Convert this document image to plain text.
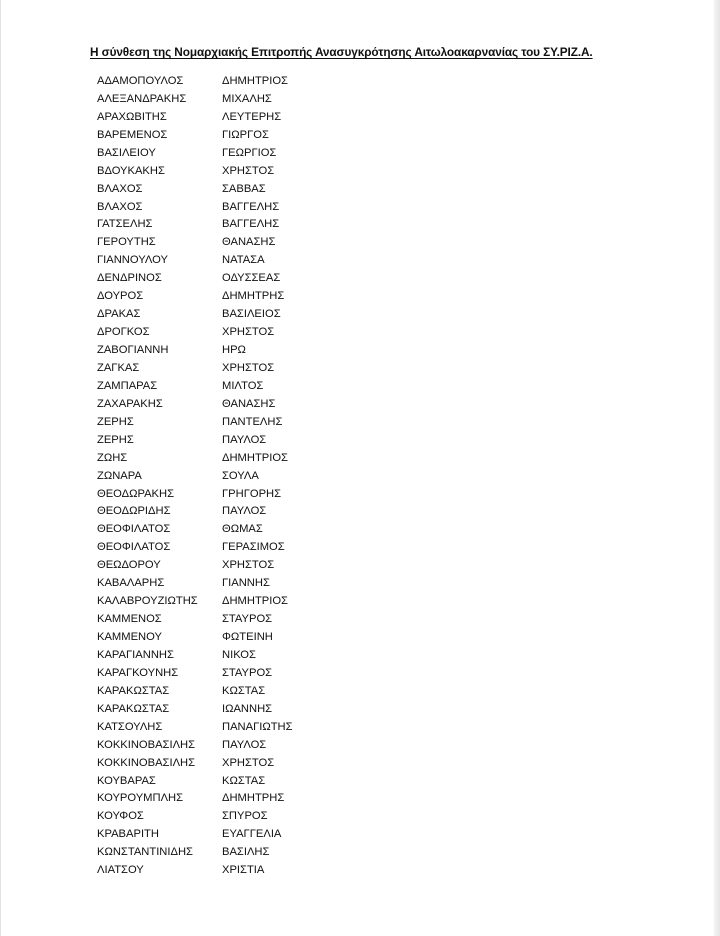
Η σύνθεση της Νομαρχιακής Επιτροπής Ανασυγκρότησης Αιτωλοακαρνανίας του ΣΥ.ΡΙΖ.Α.
ΑΔΑΜΟΠΟΥΛΟΣ	ΔΗΜΗΤΡΙΟΣ
ΑΛΕΞΑΝΔΡΑΚΗΣ	ΜΙΧΑΛΗΣ
ΑΡΑΧΩΒΙΤΗΣ	ΛΕΥΤΕΡΗΣ
ΒΑΡΕΜΕΝΟΣ	ΓΙΩΡΓΟΣ
ΒΑΣΙΛΕΙΟΥ	ΓΕΩΡΓΙΟΣ
ΒΔΟΥΚΑΚΗΣ	ΧΡΗΣΤΟΣ
ΒΛΑΧΟΣ	ΣΑΒΒΑΣ
ΒΛΑΧΟΣ	ΒΑΓΓΕΛΗΣ
ΓΑΤΣΕΛΗΣ	ΒΑΓΓΕΛΗΣ
ΓΕΡΟΥΤΗΣ	ΘΑΝΑΣΗΣ
ΓΙΑΝΝΟΥΛΟΥ	ΝΑΤΑΣΑ
ΔΕΝΔΡΙΝΟΣ	ΟΔΥΣΣΕΑΣ
ΔΟΥΡΟΣ	ΔΗΜΗΤΡΗΣ
ΔΡΑΚΑΣ	ΒΑΣΙΛΕΙΟΣ
ΔΡΟΓΚΟΣ	ΧΡΗΣΤΟΣ
ΖΑΒΟΓΙΑΝΝΗ	ΗΡΩ
ΖΑΓΚΑΣ	ΧΡΗΣΤΟΣ
ΖΑΜΠΑΡΑΣ	ΜΙΛΤΟΣ
ΖΑΧΑΡΑΚΗΣ	ΘΑΝΑΣΗΣ
ΖΕΡΗΣ	ΠΑΝΤΕΛΗΣ
ΖΕΡΗΣ	ΠΑΥΛΟΣ
ΖΩΗΣ	ΔΗΜΗΤΡΙΟΣ
ΖΩΝΑΡΑ	ΣΟΥΛΑ
ΘΕΟΔΩΡΑΚΗΣ	ΓΡΗΓΟΡΗΣ
ΘΕΟΔΩΡΙΔΗΣ	ΠΑΥΛΟΣ
ΘΕΟΦΙΛΑΤΟΣ	ΘΩΜΑΣ
ΘΕΟΦΙΛΑΤΟΣ	ΓΕΡΑΣΙΜΟΣ
ΘΕΩΔΟΡΟΥ	ΧΡΗΣΤΟΣ
ΚΑΒΑΛΑΡΗΣ	ΓΙΑΝΝΗΣ
ΚΑΛΑΒΡΟΥΖΙΩΤΗΣ	ΔΗΜΗΤΡΙΟΣ
ΚΑΜΜΕΝΟΣ	ΣΤΑΥΡΟΣ
ΚΑΜΜΕΝΟΥ	ΦΩΤΕΙΝΗ
ΚΑΡΑΓΙΑΝΝΗΣ	ΝΙΚΟΣ
ΚΑΡΑΓΚΟΥΝΗΣ	ΣΤΑΥΡΟΣ
ΚΑΡΑΚΩΣΤΑΣ	ΚΩΣΤΑΣ
ΚΑΡΑΚΩΣΤΑΣ	ΙΩΑΝΝΗΣ
ΚΑΤΣΟΥΛΗΣ	ΠΑΝΑΓΙΩΤΗΣ
ΚΟΚΚΙΝΟΒΑΣΙΛΗΣ	ΠΑΥΛΟΣ
ΚΟΚΚΙΝΟΒΑΣΙΛΗΣ	ΧΡΗΣΤΟΣ
ΚΟΥΒΑΡΑΣ	ΚΩΣΤΑΣ
ΚΟΥΡΟΥΜΠΛΗΣ	ΔΗΜΗΤΡΗΣ
ΚΟΥΦΟΣ	ΣΠΥΡΟΣ
ΚΡΑΒΑΡΙΤΗ	ΕΥΑΓΓΕΛΙΑ
ΚΩΝΣΤΑΝΤΙΝΙΔΗΣ	ΒΑΣΙΛΗΣ
ΛΙΑΤΣΟΥ	ΧΡΙΣΤΙΑ
